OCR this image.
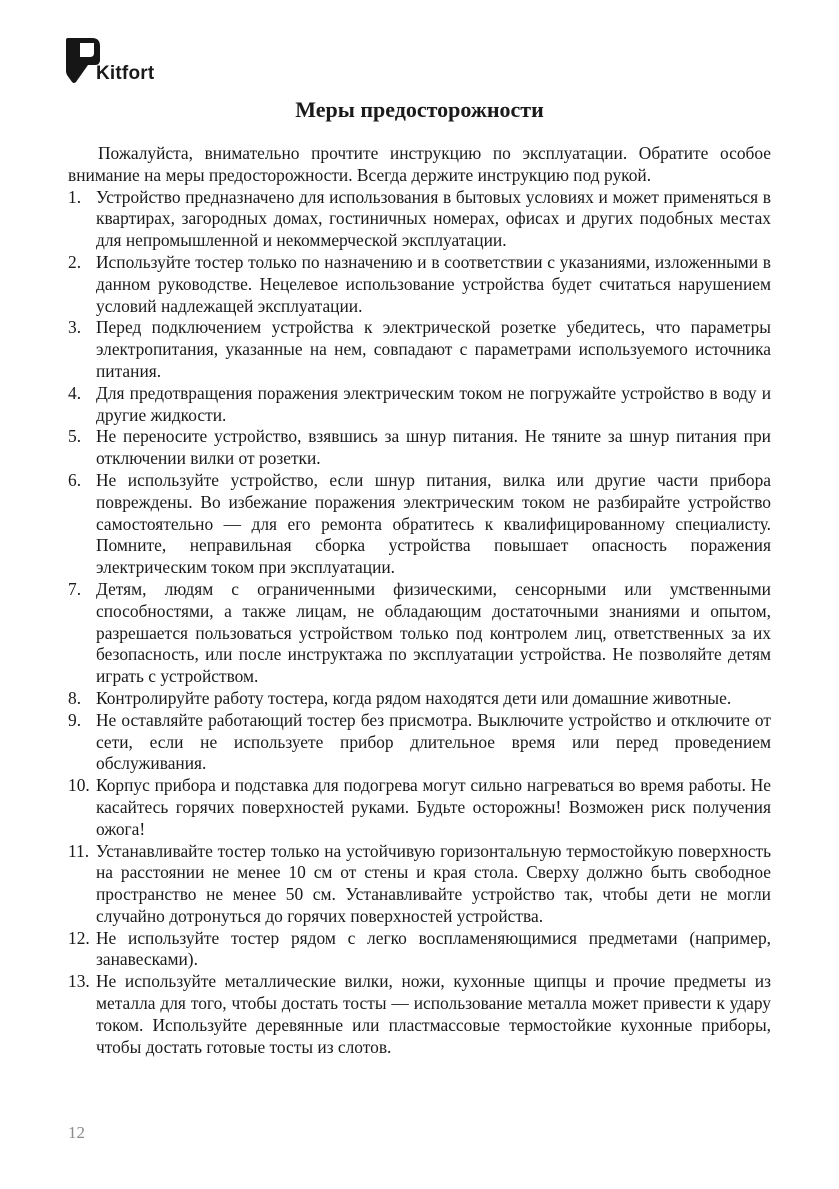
Kitfort
Меры предосторожности

Пожалуйста, внимательно прочтите инструкцию по эксплуатации. Обратите особое внимание на меры предосторожности. Всегда держите инструкцию под рукой.

1. Устройство предназначено для использования в бытовых условиях и может применяться в квартирах, загородных домах, гостиничных номерах, офисах и других подобных местах для непромышленной и некоммерческой эксплуатации.
2. Используйте тостер только по назначению и в соответствии с указаниями, изложенными в данном руководстве. Нецелевое использование устройства будет считаться нарушением условий надлежащей эксплуатации.
3. Перед подключением устройства к электрической розетке убедитесь, что параметры электропитания, указанные на нем, совпадают с параметрами используемого источника питания.
4. Для предотвращения поражения электрическим током не погружайте устройство в воду и другие жидкости.
5. Не переносите устройство, взявшись за шнур питания. Не тяните за шнур питания при отключении вилки от розетки.
6. Не используйте устройство, если шнур питания, вилка или другие части прибора повреждены. Во избежание поражения электрическим током не разбирайте устройство самостоятельно — для его ремонта обратитесь к квалифицированному специалисту. Помните, неправильная сборка устройства повышает опасность поражения электрическим током при эксплуатации.
7. Детям, людям с ограниченными физическими, сенсорными или умственными способностями, а также лицам, не обладающим достаточными знаниями и опытом, разрешается пользоваться устройством только под контролем лиц, ответственных за их безопасность, или после инструктажа по эксплуатации устройства. Не позволяйте детям играть с устройством.
8. Контролируйте работу тостера, когда рядом находятся дети или домашние животные.
9. Не оставляйте работающий тостер без присмотра. Выключите устройство и отключите от сети, если не используете прибор длительное время или перед проведением обслуживания.
10. Корпус прибора и подставка для подогрева могут сильно нагреваться во время работы. Не касайтесь горячих поверхностей руками. Будьте осторожны! Возможен риск получения ожога!
11. Устанавливайте тостер только на устойчивую горизонтальную термостойкую поверхность на расстоянии не менее 10 см от стены и края стола. Сверху должно быть свободное пространство не менее 50 см. Устанавливайте устройство так, чтобы дети не могли случайно дотронуться до горячих поверхностей устройства.
12. Не используйте тостер рядом с легко воспламеняющимися предметами (например, занавесками).
13. Не используйте металлические вилки, ножи, кухонные щипцы и прочие предметы из металла для того, чтобы достать тосты — использование металла может привести к удару током. Используйте деревянные или пластмассовые термостойкие кухонные приборы, чтобы достать готовые тосты из слотов.
12
